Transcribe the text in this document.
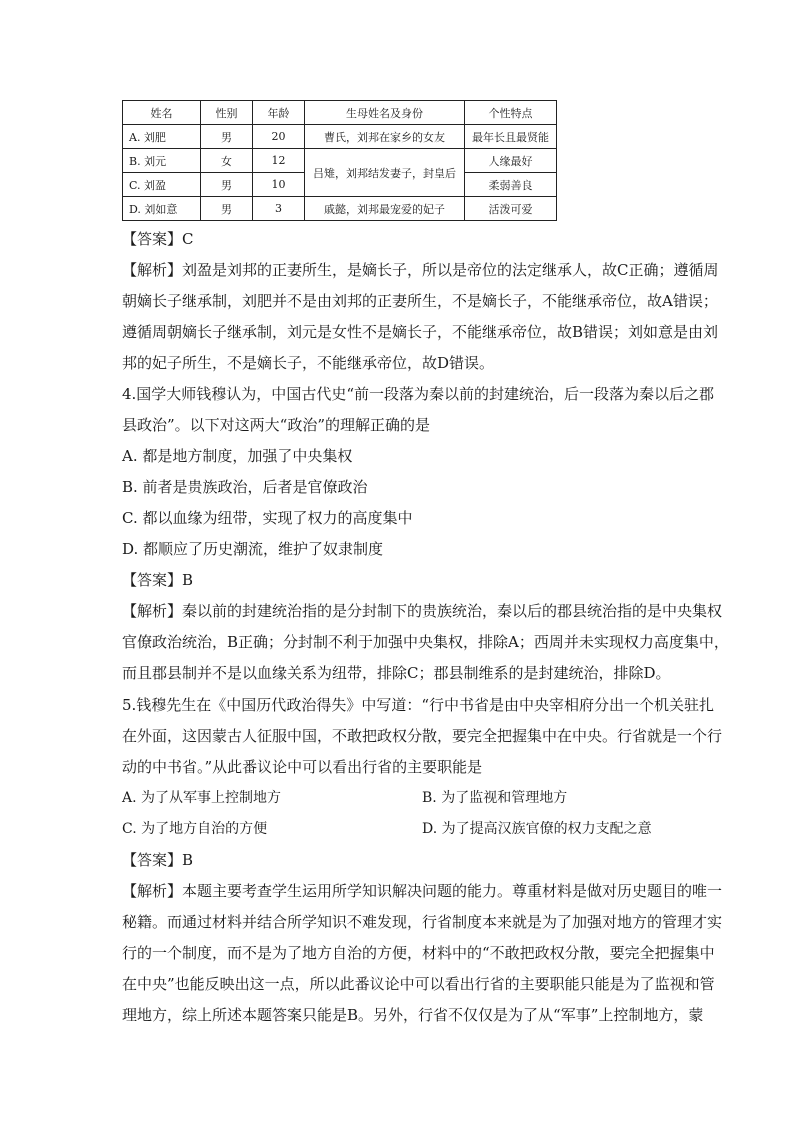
姓名	性别	年龄	生母姓名及身份	个性特点
A. 刘肥	男	20	曹氏，刘邦在家乡的女友	最年长且最贤能
B. 刘元	女	12	吕雉，刘邦结发妻子，封皇后	人缘最好
C. 刘盈	男	10		柔弱善良
D. 刘如意	男	3	戚懿，刘邦最宠爱的妃子	活泼可爱
【答案】C
【解析】刘盈是刘邦的正妻所生，是嫡长子，所以是帝位的法定继承人，故C正确；遵循周
朝嫡长子继承制，刘肥并不是由刘邦的正妻所生，不是嫡长子，不能继承帝位，故A错误；
遵循周朝嫡长子继承制，刘元是女性不是嫡长子，不能继承帝位，故B错误；刘如意是由刘
邦的妃子所生，不是嫡长子，不能继承帝位，故D错误。
4.国学大师钱穆认为，中国古代史“前一段落为秦以前的封建统治，后一段落为秦以后之郡
县政治”。以下对这两大“政治”的理解正确的是
A. 都是地方制度，加强了中央集权
B. 前者是贵族政治，后者是官僚政治
C. 都以血缘为纽带，实现了权力的高度集中
D. 都顺应了历史潮流，维护了奴隶制度
【答案】B
【解析】秦以前的封建统治指的是分封制下的贵族统治，秦以后的郡县统治指的是中央集权
官僚政治统治，B正确；分封制不利于加强中央集权，排除A；西周并未实现权力高度集中，
而且郡县制并不是以血缘关系为纽带，排除C；郡县制维系的是封建统治，排除D。
5.钱穆先生在《中国历代政治得失》中写道：“行中书省是由中央宰相府分出一个机关驻扎
在外面，这因蒙古人征服中国，不敢把政权分散，要完全把握集中在中央。行省就是一个行
动的中书省。”从此番议论中可以看出行省的主要职能是
A. 为了从军事上控制地方	B. 为了监视和管理地方
C. 为了地方自治的方便	D. 为了提高汉族官僚的权力支配之意
【答案】B
【解析】本题主要考查学生运用所学知识解决问题的能力。尊重材料是做对历史题目的唯一
秘籍。而通过材料并结合所学知识不难发现，行省制度本来就是为了加强对地方的管理才实
行的一个制度，而不是为了地方自治的方便，材料中的“不敢把政权分散，要完全把握集中
在中央”也能反映出这一点，所以此番议论中可以看出行省的主要职能只能是为了监视和管
理地方，综上所述本题答案只能是B。另外，行省不仅仅是为了从“军事”上控制地方，蒙
